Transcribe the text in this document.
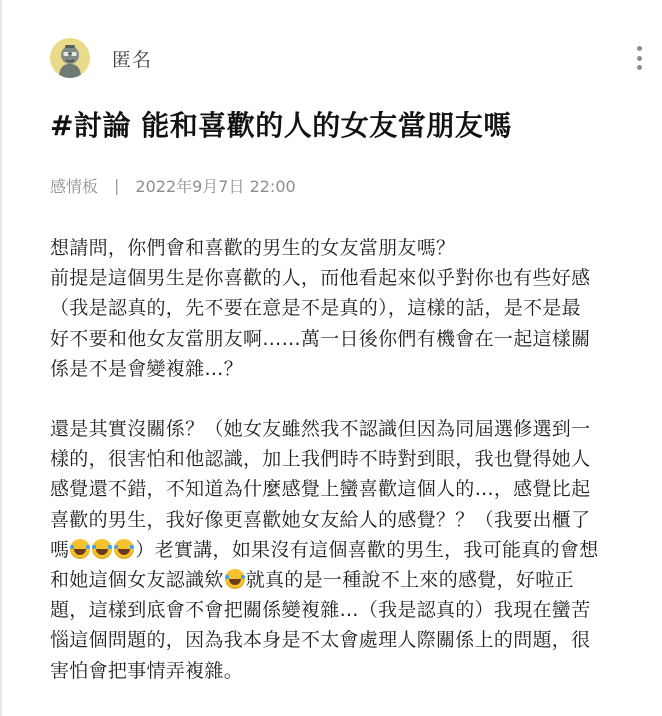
匿名
#討論 能和喜歡的人的女友當朋友嗎
感情板 | 2022年9月7日 22:00

想請問，你們會和喜歡的男生的女友當朋友嗎？

前提是這個男生是你喜歡的人，而他看起來似乎對你也有些好感

（我是認真的，先不要在意是不是真的），這樣的話，是不是最

好不要和他女友當朋友啊……萬一日後你們有機會在一起這樣關

係是不是會變複雜…？

還是其實沒關係？（她女友雖然我不認識但因為同屆選修選到一

樣的，很害怕和他認識，加上我們時不時對到眼，我也覺得她人

感覺還不錯，不知道為什麼感覺上蠻喜歡這個人的…，感覺比起

喜歡的男生，我好像更喜歡她女友給人的感覺？？（我要出櫃了

嗎	）老實講，如果沒有這個喜歡的男生，我可能真的會想

和她這個女友認識欸 就真的是一種說不上來的感覺，好啦正

題，這樣到底會不會把關係變複雜…（我是認真的）我現在蠻苦

惱這個問題的，因為我本身是不太會處理人際關係上的問題，很

害怕會把事情弄複雜。
